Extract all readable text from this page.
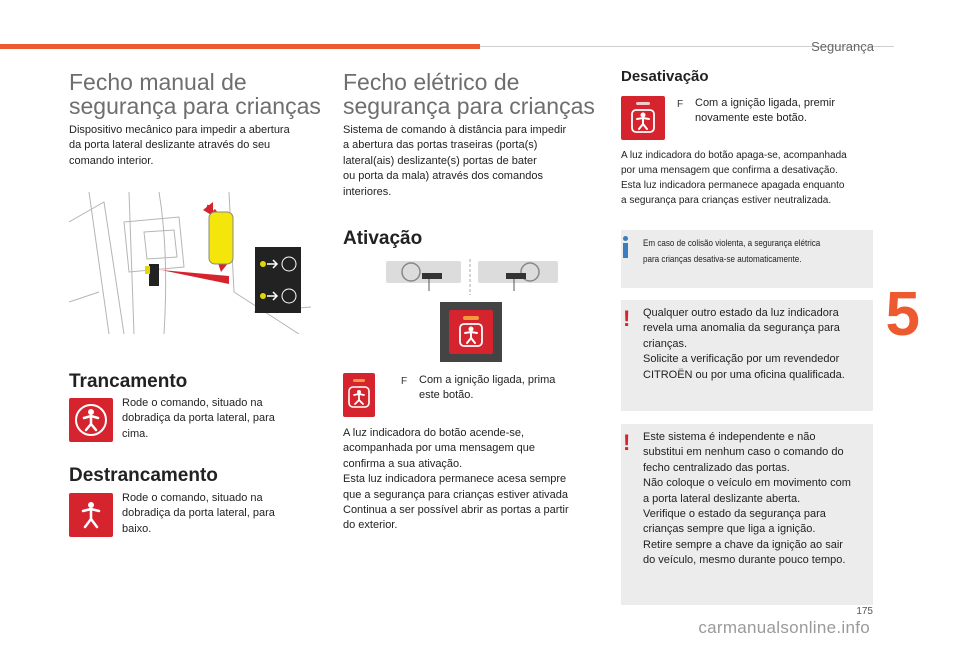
Segurança
Fecho manual de
segurança para crianças

Dispositivo mecânico para impedir a abertura
da porta lateral deslizante através do seu
comando interior.

Trancamento

Rode o comando, situado na
dobradiça da porta lateral, para
cima.

Destrancamento

Rode o comando, situado na
dobradiça da porta lateral, para
baixo.

Fecho elétrico de
segurança para crianças

Sistema de comando à distância para impedir
a abertura das portas traseiras (porta(s)
lateral(ais) deslizante(s) portas de bater
ou porta da mala) através dos comandos
interiores.

Ativação
F Com a ignição ligada, prima
este botão.

A luz indicadora do botão acende-se,
acompanhada por uma mensagem que
confirma a sua ativação.
Esta luz indicadora permanece acesa sempre
que a segurança para crianças estiver ativada
Continua a ser possível abrir as portas a partir
do exterior.

Desativação
F Com a ignição ligada, premir
novamente este botão.

A luz indicadora do botão apaga-se, acompanhada
por uma mensagem que confirma a desativação.
Esta luz indicadora permanece apagada enquanto
a segurança para crianças estiver neutralizada.
Em caso de colisão violenta, a segurança elétrica
para crianças desativa-se automaticamente.
! Qualquer outro estado da luz indicadora
revela uma anomalia da segurança para
crianças.
Solicite a verificação por um revendedor
CITROËN ou por uma oficina qualificada.

! Este sistema é independente e não
substitui em nenhum caso o comando do
fecho centralizado das portas.
Não coloque o veículo em movimento com
a porta lateral deslizante aberta.
Verifique o estado da segurança para
crianças sempre que liga a ignição.
Retire sempre a chave da ignição ao sair
do veículo, mesmo durante pouco tempo.

5
175
carmanualsonline.info
